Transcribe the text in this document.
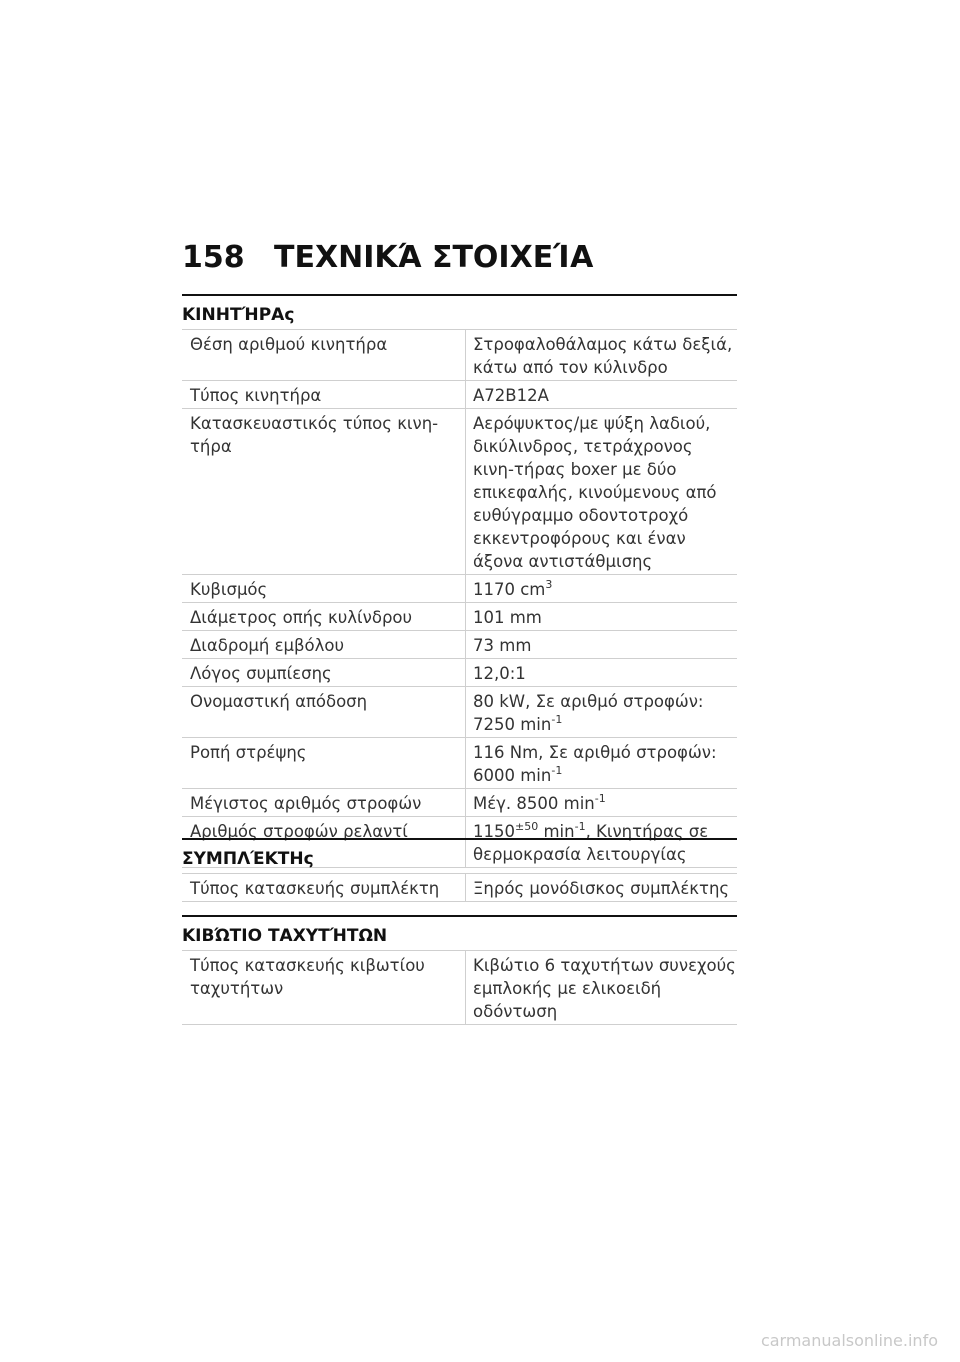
158 ΤΕΧΝΙΚΆ ΣΤΟΙΧΕΊΑ
ΚΙΝΗΤΉΡΑς
Θέση αριθμού κινητήρα	Στροφαλοθάλαμος κάτω δεξιά, κάτω από τον κύλινδρο
Τύπος κινητήρα	A72B12A
Κατασκευαστικός τύπος κινη-τήρα	Αερόψυκτος/με ψύξη λαδιού, δικύλινδρος, τετράχρονος κινη-τήρας boxer με δύο επικεφαλής, κινούμενους από ευθύγραμμο οδοντοτροχό εκκεντροφόρους και έναν άξονα αντιστάθμισης
Κυβισμός	1170 $cm^3$
Διάμετρος οπής κυλίνδρου	101 mm
Διαδρομή εμβόλου	73 mm
Λόγος συμπίεσης	12,0:1
Ονομαστική απόδοση	80 kW, Σε αριθμό στροφών:
7250 $\min^{-1}$
Ροπή στρέψης	116 Nm, Σε αριθμό στροφών:
6000 $\min^{-1}$
Μέγιστος αριθμός στροφών	Μέγ. 8500 $\min^{-1}$
Αριθμός στροφών ρελαντί	$1150^{\pm 50}$ $\min^{-1}$, Κινητήρας σε θερμοκρασία λειτουργίας
ΣΥΜΠΛΈΚΤΗς
Τύπος κατασκευής συμπλέκτη	Ξηρός μονόδισκος συμπλέκτης
ΚΙΒΏΤΙΟ ΤΑΧΥΤΉΤΩΝ
Τύπος κατασκευής κιβωτίου ταχυτήτων	Κιβώτιο 6 ταχυτήτων συνεχούς εμπλοκής με ελικοειδή οδόντωση
carmanualsonline.info
